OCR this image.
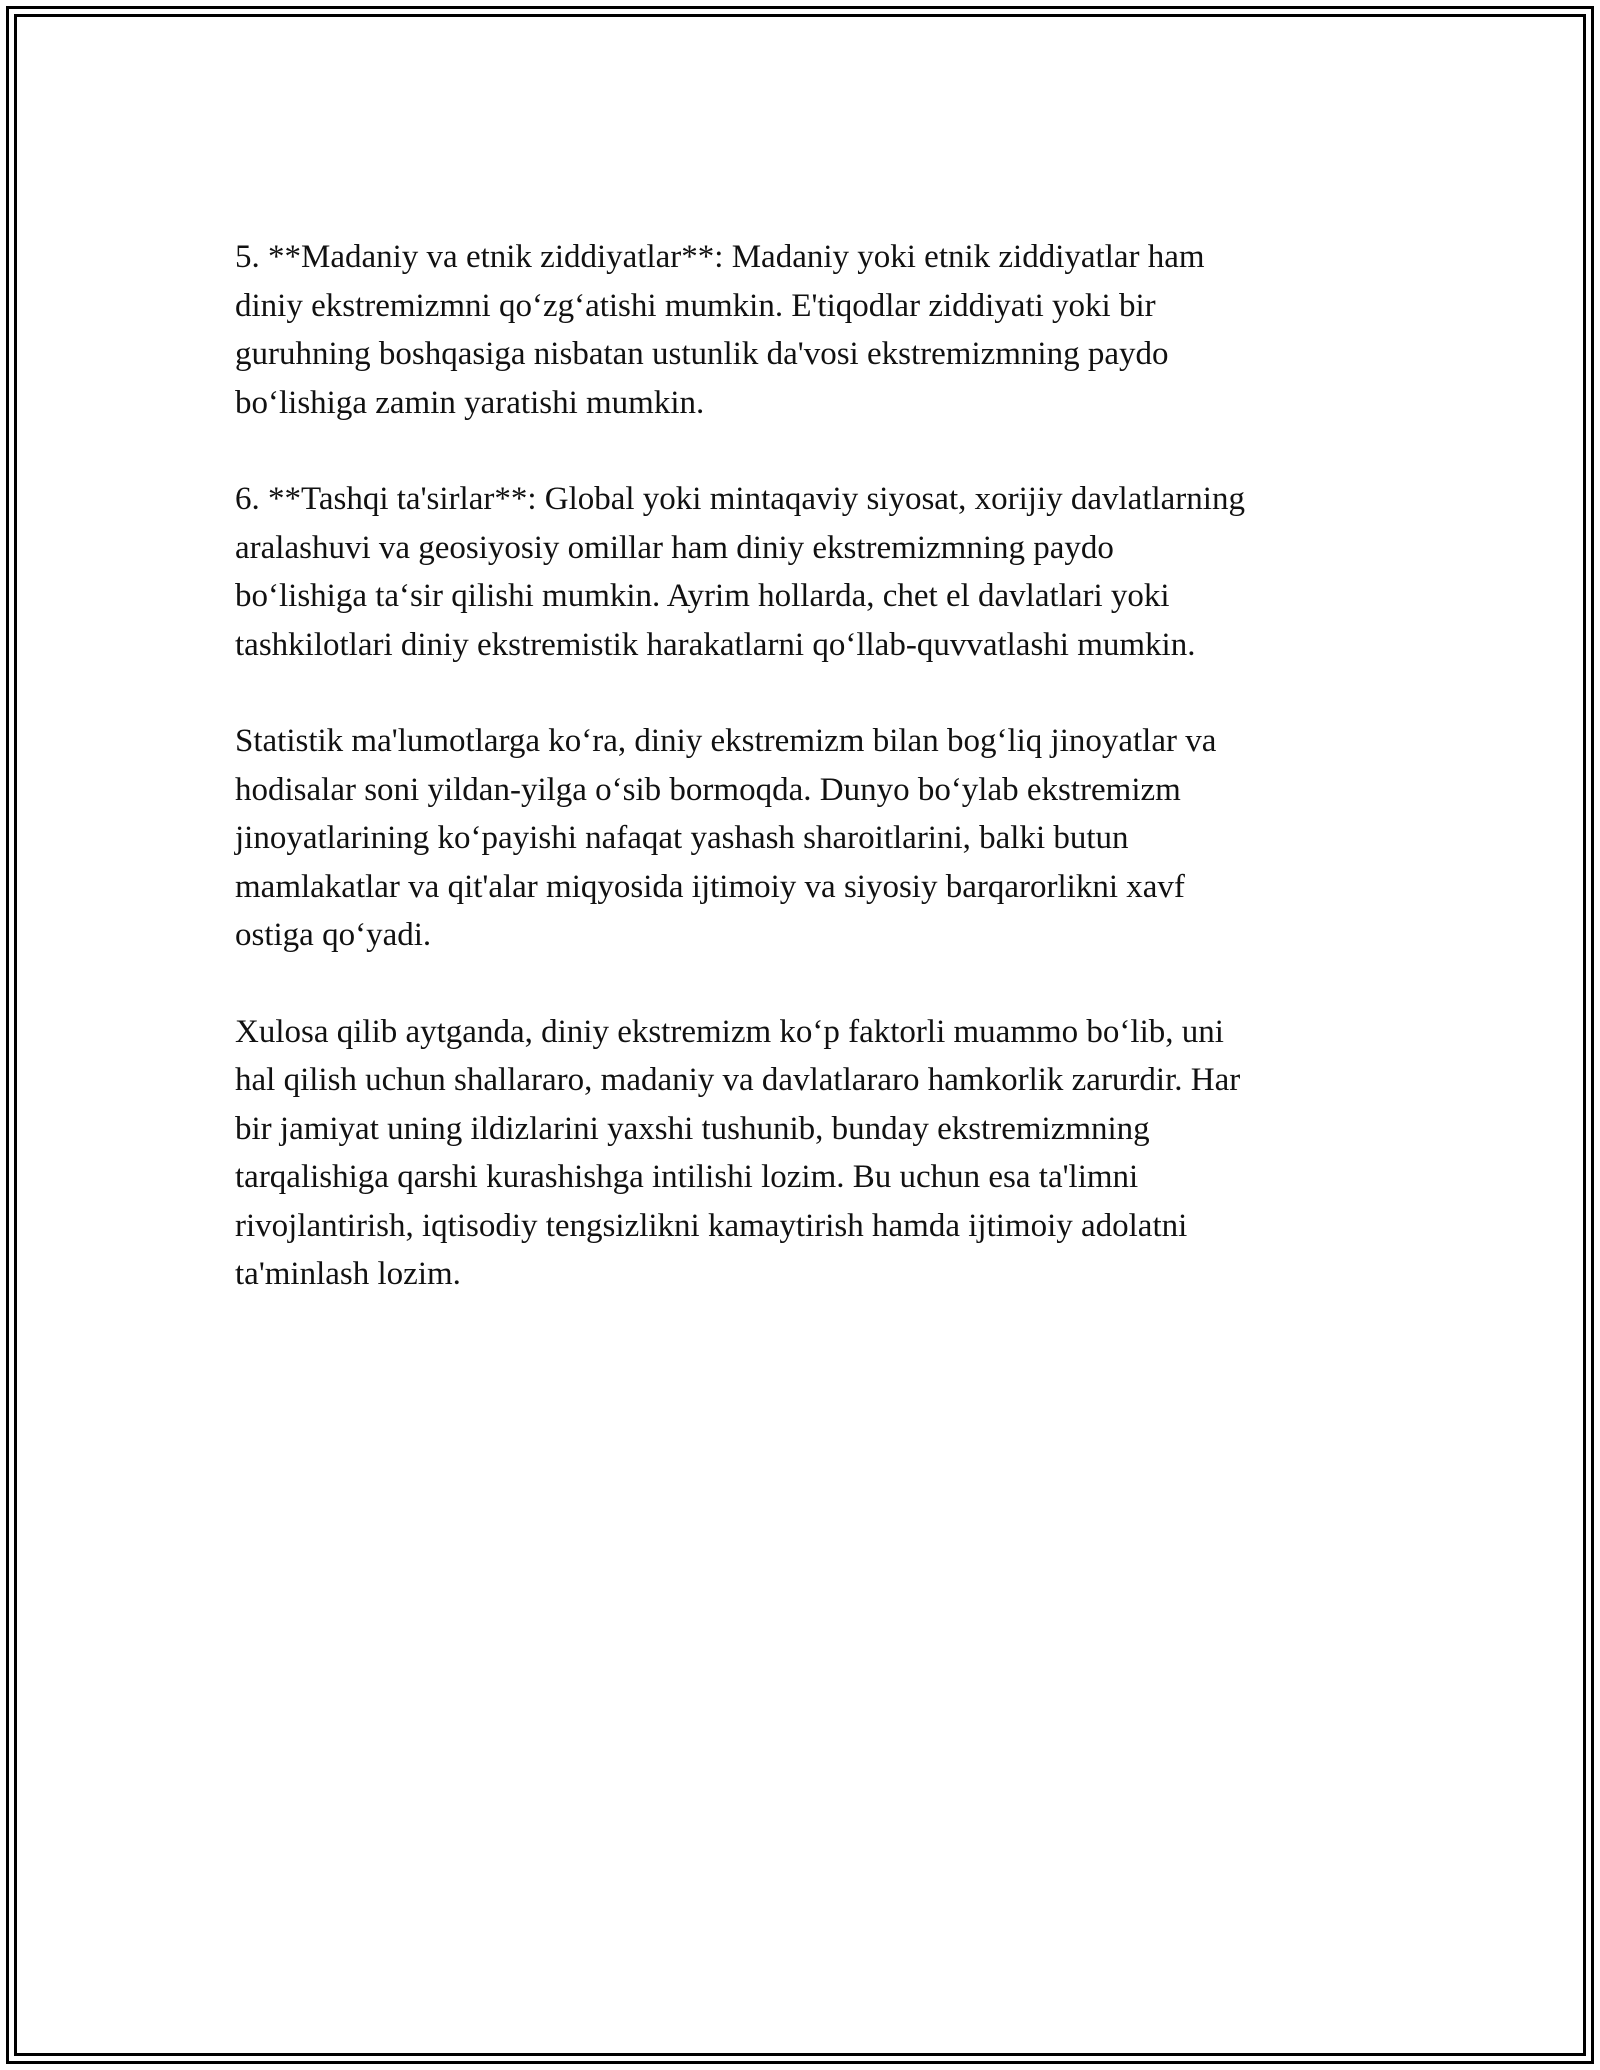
5. **Madaniy va etnik ziddiyatlar**: Madaniy yoki etnik ziddiyatlar ham
diniy ekstremizmni qo‘zg‘atishi mumkin. E'tiqodlar ziddiyati yoki bir
guruhning boshqasiga nisbatan ustunlik da'vosi ekstremizmning paydo
bo‘lishiga zamin yaratishi mumkin.

6. **Tashqi ta'sirlar**: Global yoki mintaqaviy siyosat, xorijiy davlatlarning
aralashuvi va geosiyosiy omillar ham diniy ekstremizmning paydo
bo‘lishiga ta‘sir qilishi mumkin. Ayrim hollarda, chet el davlatlari yoki
tashkilotlari diniy ekstremistik harakatlarni qo‘llab-quvvatlashi mumkin.

Statistik ma'lumotlarga ko‘ra, diniy ekstremizm bilan bog‘liq jinoyatlar va
hodisalar soni yildan-yilga o‘sib bormoqda. Dunyo bo‘ylab ekstremizm
jinoyatlarining ko‘payishi nafaqat yashash sharoitlarini, balki butun
mamlakatlar va qit'alar miqyosida ijtimoiy va siyosiy barqarorlikni xavf
ostiga qo‘yadi.

Xulosa qilib aytganda, diniy ekstremizm ko‘p faktorli muammo bo‘lib, uni
hal qilish uchun shallararo, madaniy va davlatlararo hamkorlik zarurdir. Har
bir jamiyat uning ildizlarini yaxshi tushunib, bunday ekstremizmning
tarqalishiga qarshi kurashishga intilishi lozim. Bu uchun esa ta'limni
rivojlantirish, iqtisodiy tengsizlikni kamaytirish hamda ijtimoiy adolatni
ta'minlash lozim.
